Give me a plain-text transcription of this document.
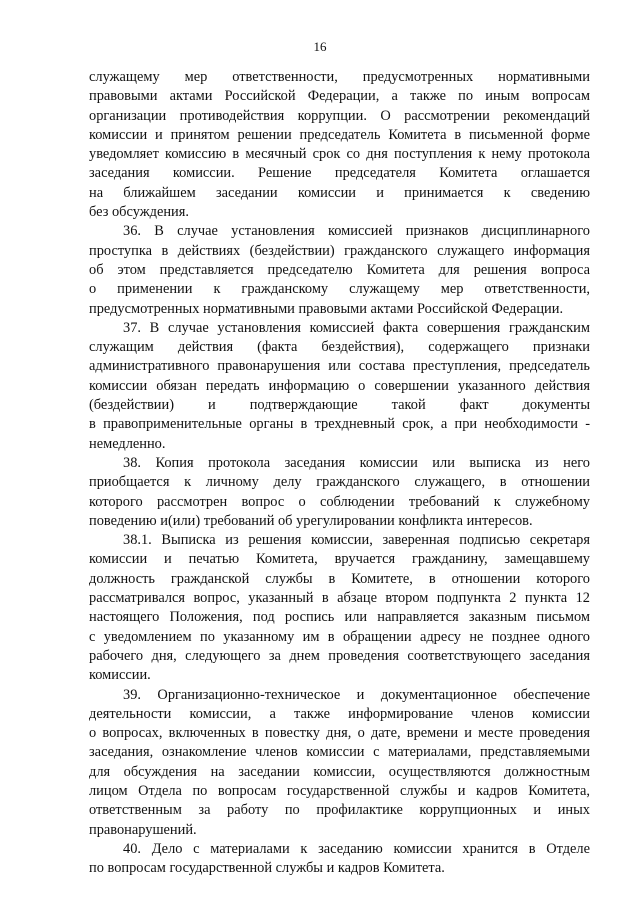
16
служащему мер ответственности, предусмотренных нормативными
правовыми актами Российской Федерации, а также по иным вопросам
организации противодействия коррупции. О рассмотрении рекомендаций
комиссии и принятом решении председатель Комитета в письменной форме
уведомляет комиссию в месячный срок со дня поступления к нему протокола
заседания комиссии. Решение председателя Комитета оглашается
на ближайшем заседании комиссии и принимается к сведению
без обсуждения.
36. В случае установления комиссией признаков дисциплинарного
проступка в действиях (бездействии) гражданского служащего информация
об этом представляется председателю Комитета для решения вопроса
о применении к гражданскому служащему мер ответственности,
предусмотренных нормативными правовыми актами Российской Федерации.
37. В случае установления комиссией факта совершения гражданским
служащим действия (факта бездействия), содержащего признаки
административного правонарушения или состава преступления, председатель
комиссии обязан передать информацию о совершении указанного действия
(бездействии) и подтверждающие такой факт документы
в правоприменительные органы в трехдневный срок, а при необходимости -
немедленно.
38. Копия протокола заседания комиссии или выписка из него
приобщается к личному делу гражданского служащего, в отношении
которого рассмотрен вопрос о соблюдении требований к служебному
поведению и(или) требований об урегулировании конфликта интересов.
38.1. Выписка из решения комиссии, заверенная подписью секретаря
комиссии и печатью Комитета, вручается гражданину, замещавшему
должность гражданской службы в Комитете, в отношении которого
рассматривался вопрос, указанный в абзаце втором подпункта 2 пункта 12
настоящего Положения, под роспись или направляется заказным письмом
с уведомлением по указанному им в обращении адресу не позднее одного
рабочего дня, следующего за днем проведения соответствующего заседания
комиссии.
39. Организационно-техническое и документационное обеспечение
деятельности комиссии, а также информирование членов комиссии
о вопросах, включенных в повестку дня, о дате, времени и месте проведения
заседания, ознакомление членов комиссии с материалами, представляемыми
для обсуждения на заседании комиссии, осуществляются должностным
лицом Отдела по вопросам государственной службы и кадров Комитета,
ответственным за работу по профилактике коррупционных и иных
правонарушений.
40. Дело с материалами к заседанию комиссии хранится в Отделе
по вопросам государственной службы и кадров Комитета.
